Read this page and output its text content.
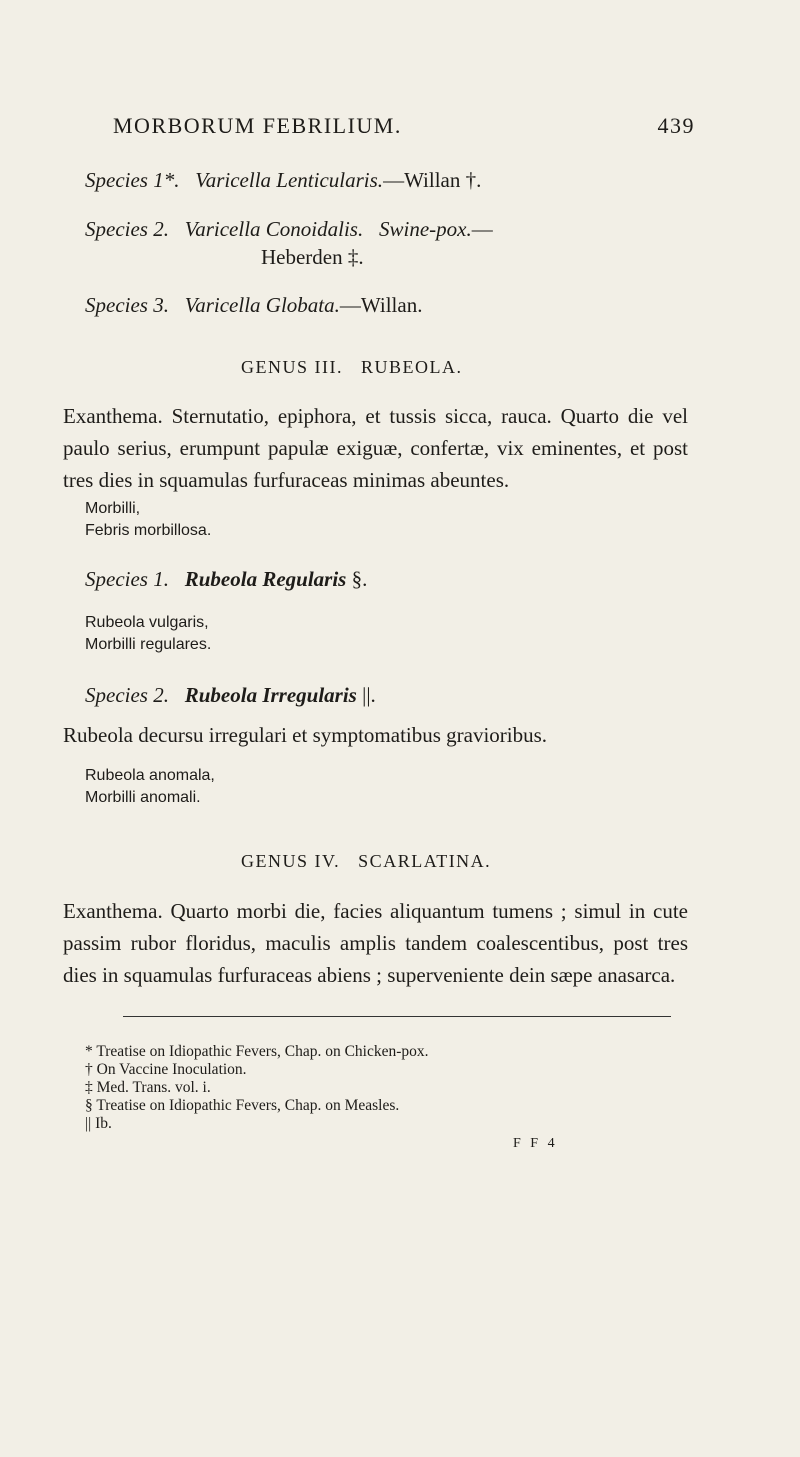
MORBORUM FEBRILIUM.	439
Species 1*. Varicella Lenticularis.—Willan †.
Species 2. Varicella Conoidalis. Swine-pox.—
Heberden ‡.
Species 3. Varicella Globata.—Willan.
GENUS III.   RUBEOLA.
Exanthema. Sternutatio, epiphora, et tussis sicca, rauca. Quarto die vel paulo serius, erumpunt papulæ exiguæ, confertæ, vix eminentes, et post tres dies in squamulas furfuraceas minimas abeuntes.
Morbilli,
Febris morbillosa.
Species 1. Rubeola Regularis §.
Rubeola vulgaris,
Morbilli regulares.
Species 2. Rubeola Irregularis ||.
Rubeola decursu irregulari et symptomatibus gravioribus.
Rubeola anomala,
Morbilli anomali.
GENUS IV.   SCARLATINA.
Exanthema. Quarto morbi die, facies aliquantum tumens ; simul in cute passim rubor floridus, maculis amplis tandem coalescentibus, post tres dies in squamulas furfuraceas abiens ; superveniente dein sæpe anasarca.
* Treatise on Idiopathic Fevers, Chap. on Chicken-pox.
† On Vaccine Inoculation.
‡ Med. Trans. vol. i.
§ Treatise on Idiopathic Fevers, Chap. on Measles.
|| Ib.
F F 4
